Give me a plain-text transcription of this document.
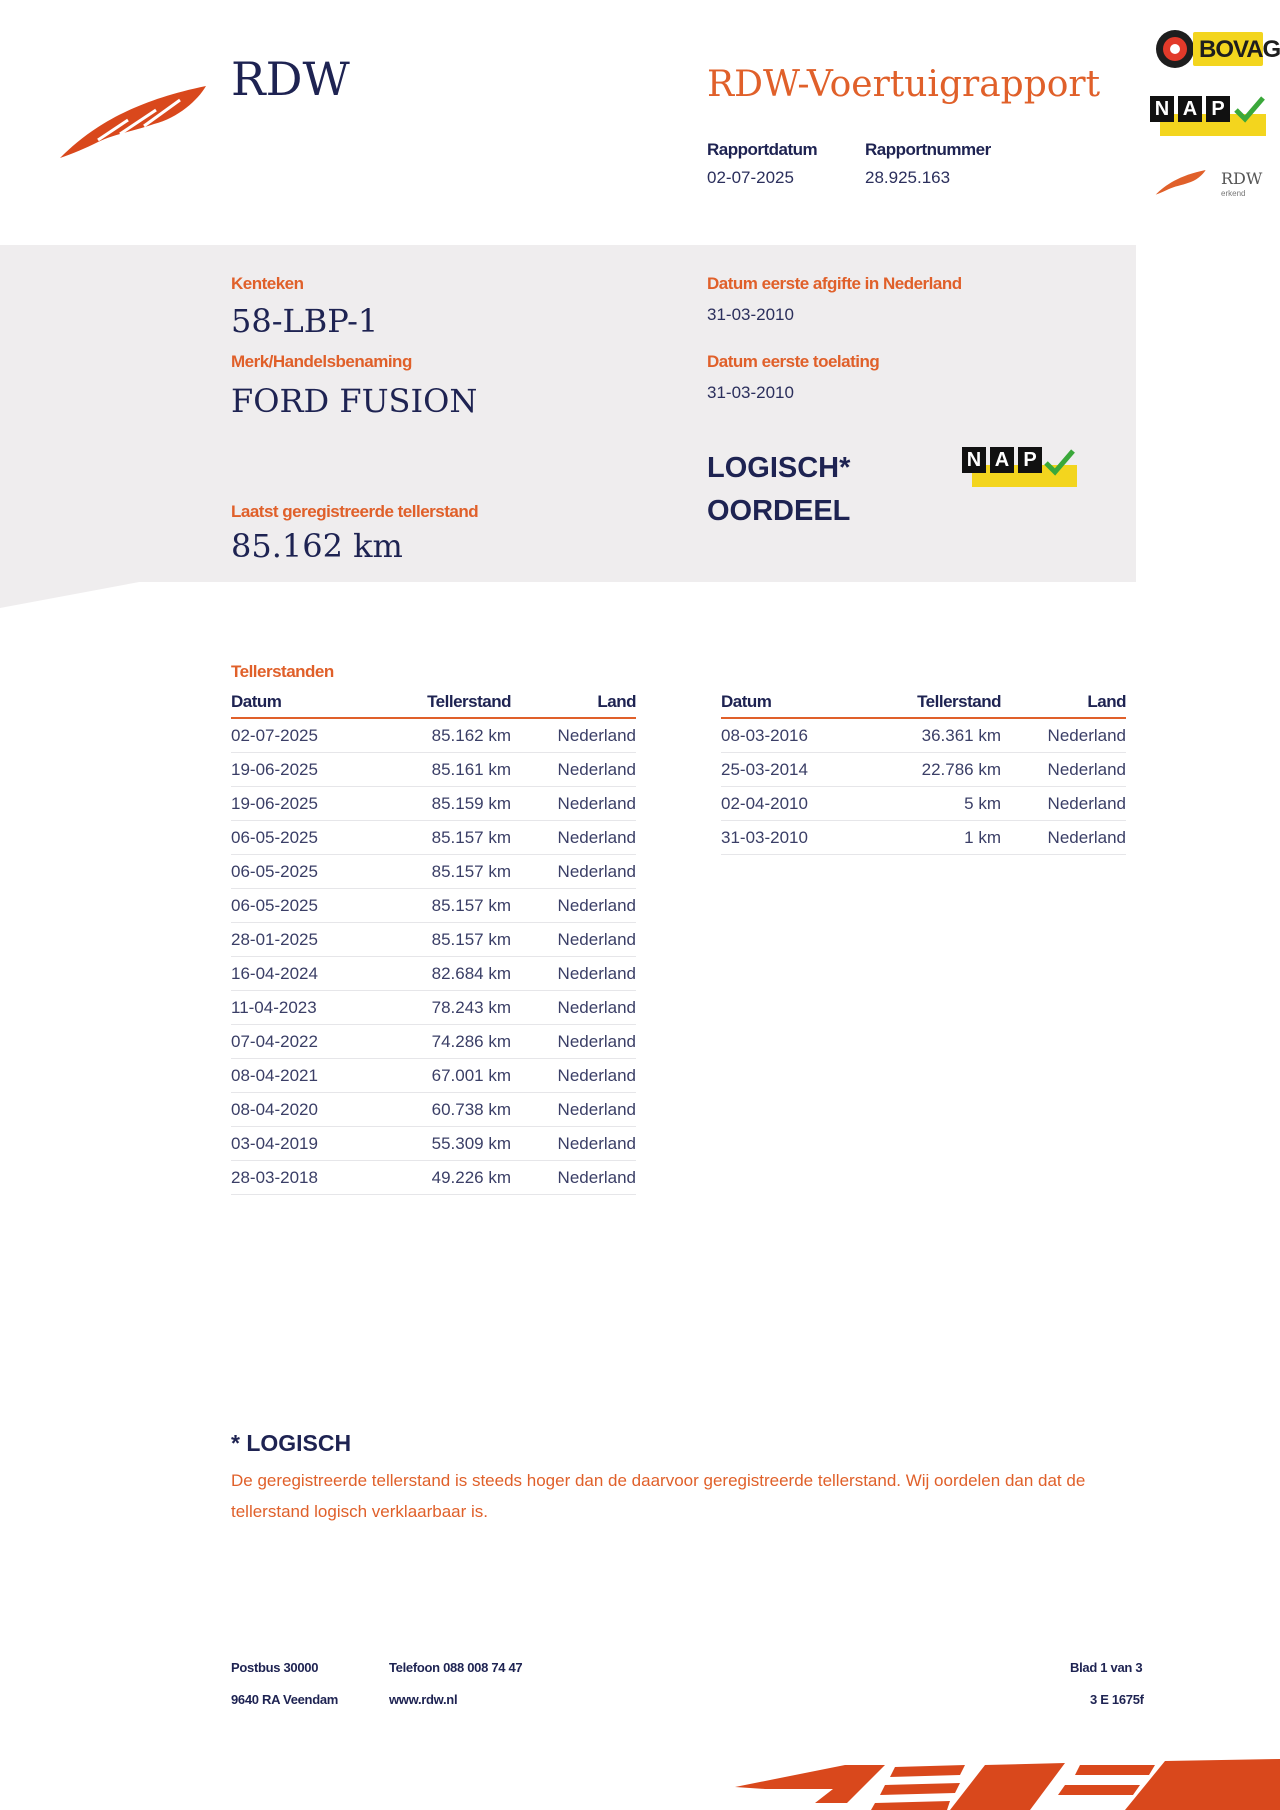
RDW	RDW-Voertuigrapport
Rapportdatum
02-07-2025
Rapportnummer
28.925.163
BOVAG
N A P
RDW
erkend
Kenteken
58-LBP-1
Merk/Handelsbenaming
FORD FUSION
Laatst geregistreerde tellerstand
85.162 km
Datum eerste afgifte in Nederland
31-03-2010
Datum eerste toelating
31-03-2010
LOGISCH*
OORDEEL
N A P
Tellerstanden
Datum	Tellerstand	Land
02-07-2025	85.162 km	Nederland
19-06-2025	85.161 km	Nederland
19-06-2025	85.159 km	Nederland
06-05-2025	85.157 km	Nederland
06-05-2025	85.157 km	Nederland
06-05-2025	85.157 km	Nederland
28-01-2025	85.157 km	Nederland
16-04-2024	82.684 km	Nederland
11-04-2023	78.243 km	Nederland
07-04-2022	74.286 km	Nederland
08-04-2021	67.001 km	Nederland
08-04-2020	60.738 km	Nederland
03-04-2019	55.309 km	Nederland
28-03-2018	49.226 km	Nederland
Datum	Tellerstand	Land
08-03-2016	36.361 km	Nederland
25-03-2014	22.786 km	Nederland
02-04-2010	5 km	Nederland
31-03-2010	1 km	Nederland
* LOGISCH
De geregistreerde tellerstand is steeds hoger dan de daarvoor geregistreerde tellerstand. Wij oordelen dan dat de tellerstand logisch verklaarbaar is.
Postbus 30000
9640 RA Veendam
Telefoon 088 008 74 47
www.rdw.nl
Blad 1 van 3
3 E 1675f
